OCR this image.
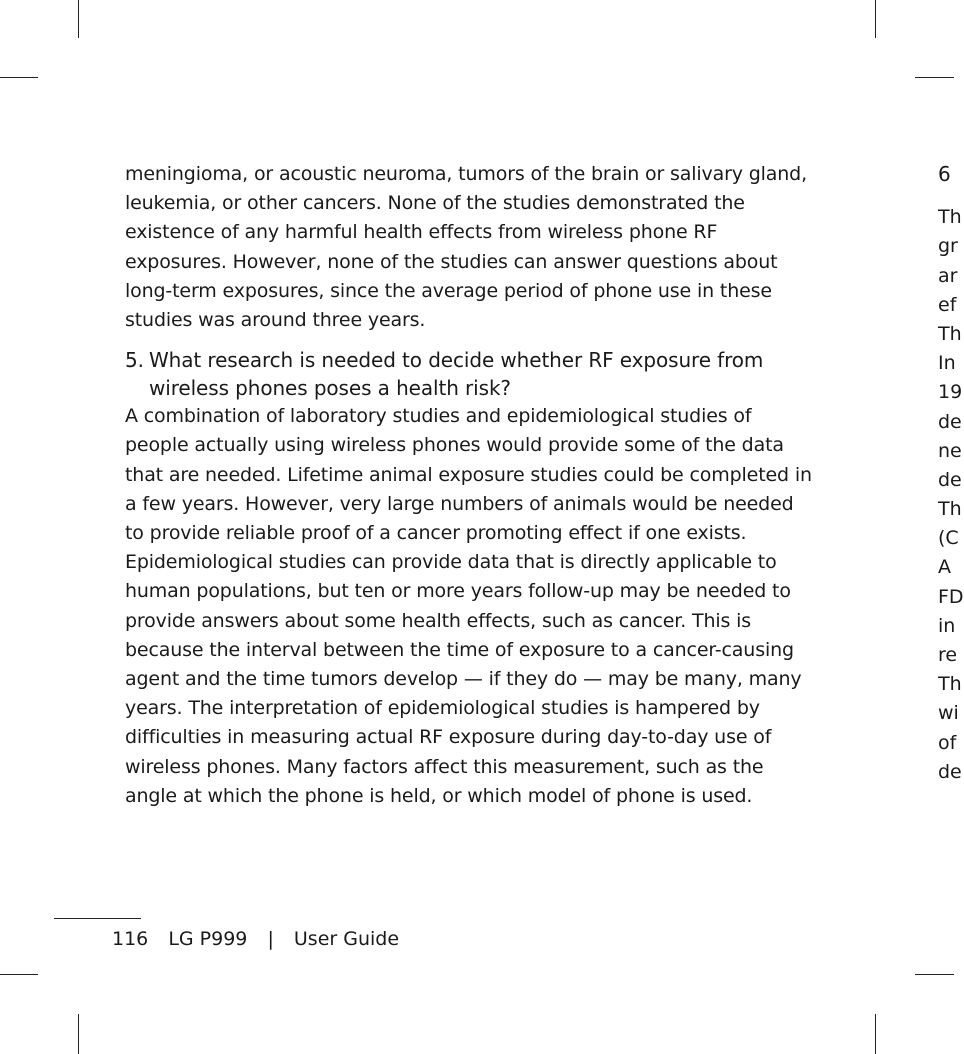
meningioma, or acoustic neuroma, tumors of the brain or salivary gland, leukemia, or other cancers. None of the studies demonstrated the existence of any harmful health effects from wireless phone RF exposures. However, none of the studies can answer questions about long-term exposures, since the average period of phone use in these studies was around three years.

5. What research is needed to decide whether RF exposure from wireless phones poses a health risk?

A combination of laboratory studies and epidemiological studies of people actually using wireless phones would provide some of the data that are needed. Lifetime animal exposure studies could be completed in a few years. However, very large numbers of animals would be needed to provide reliable proof of a cancer promoting effect if one exists. Epidemiological studies can provide data that is directly applicable to human populations, but ten or more years follow-up may be needed to provide answers about some health effects, such as cancer. This is because the interval between the time of exposure to a cancer-causing agent and the time tumors develop — if they do — may be many, many years. The interpretation of epidemiological studies is hampered by difficulties in measuring actual RF exposure during day-to-day use of wireless phones. Many factors affect this measurement, such as the angle at which the phone is held, or which model of phone is used.

6
Th
gr
ar
ef
Th
In
19
de
ne
de
Th
(C
A
FD
in
re
Th
wi
of
de
116 LG P999 | User Guide
